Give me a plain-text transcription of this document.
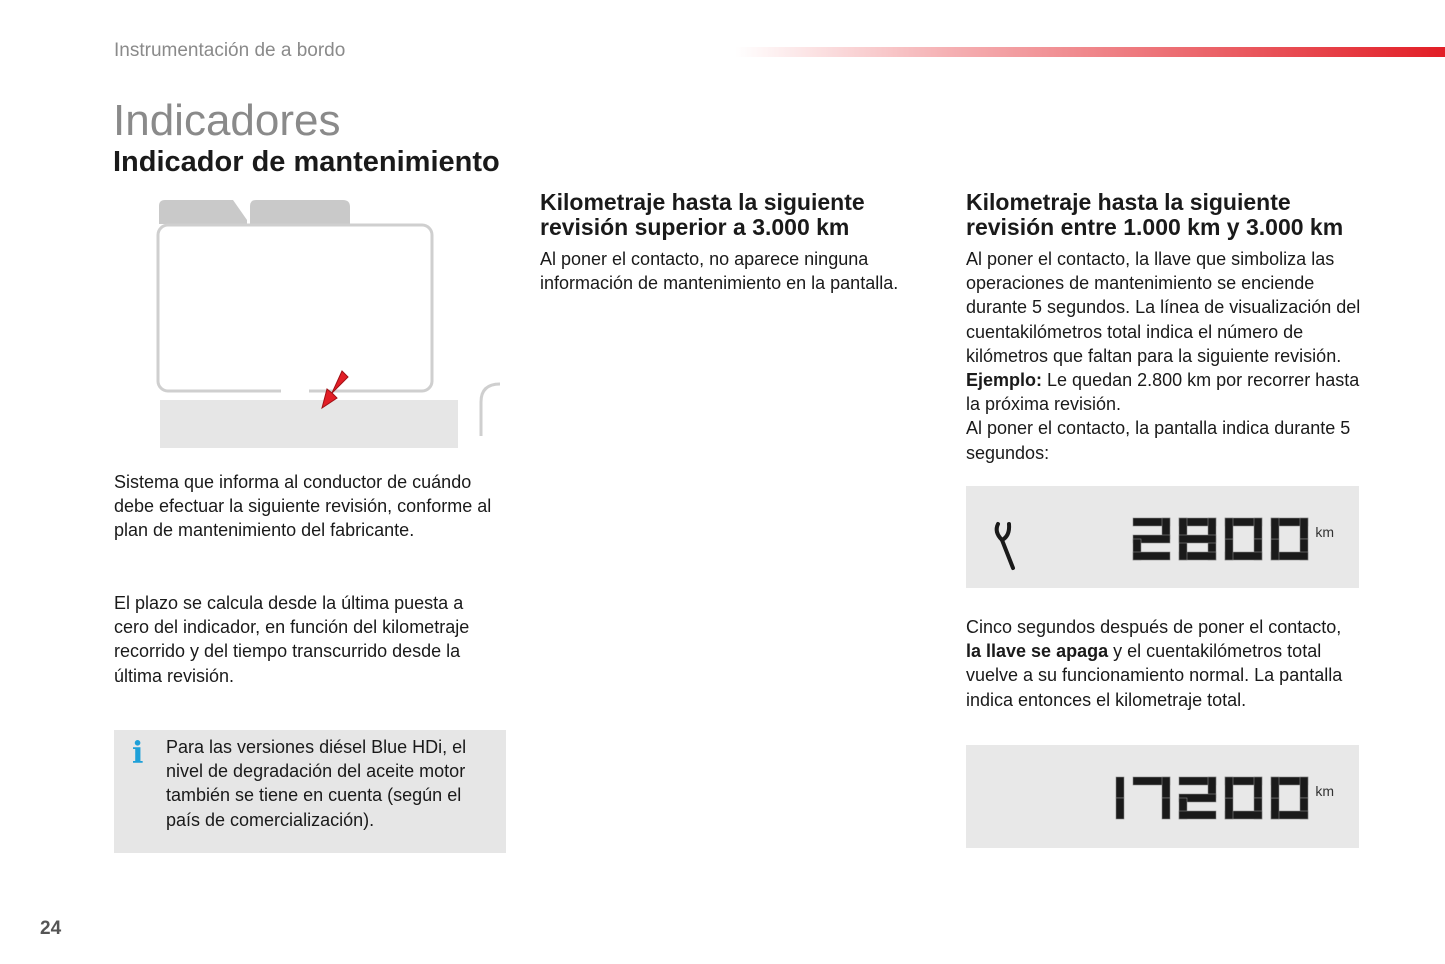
Instrumentación de a bordo
Indicadores
Indicador de mantenimiento
Sistema que informa al conductor de cuándo debe efectuar la siguiente revisión, conforme al plan de mantenimiento del fabricante.
El plazo se calcula desde la última puesta a cero del indicador, en función del kilometraje recorrido y del tiempo transcurrido desde la última revisión.
i Para las versiones diésel Blue HDi, el nivel de degradación del aceite motor también se tiene en cuenta (según el país de comercialización).
Kilometraje hasta la siguiente
revisión superior a 3.000 km
Al poner el contacto, no aparece ninguna información de mantenimiento en la pantalla.
Kilometraje hasta la siguiente
revisión entre 1.000 km y 3.000 km
Al poner el contacto, la llave que simboliza las operaciones de mantenimiento se enciende durante 5 segundos. La línea de visualización del cuentakilómetros total indica el número de kilómetros que faltan para la siguiente revisión.
Ejemplo: Le quedan 2.800 km por recorrer hasta la próxima revisión.
Al poner el contacto, la pantalla indica durante 5 segundos:
km
Cinco segundos después de poner el contacto, la llave se apaga y el cuentakilómetros total vuelve a su funcionamiento normal. La pantalla indica entonces el kilometraje total.
km
24
